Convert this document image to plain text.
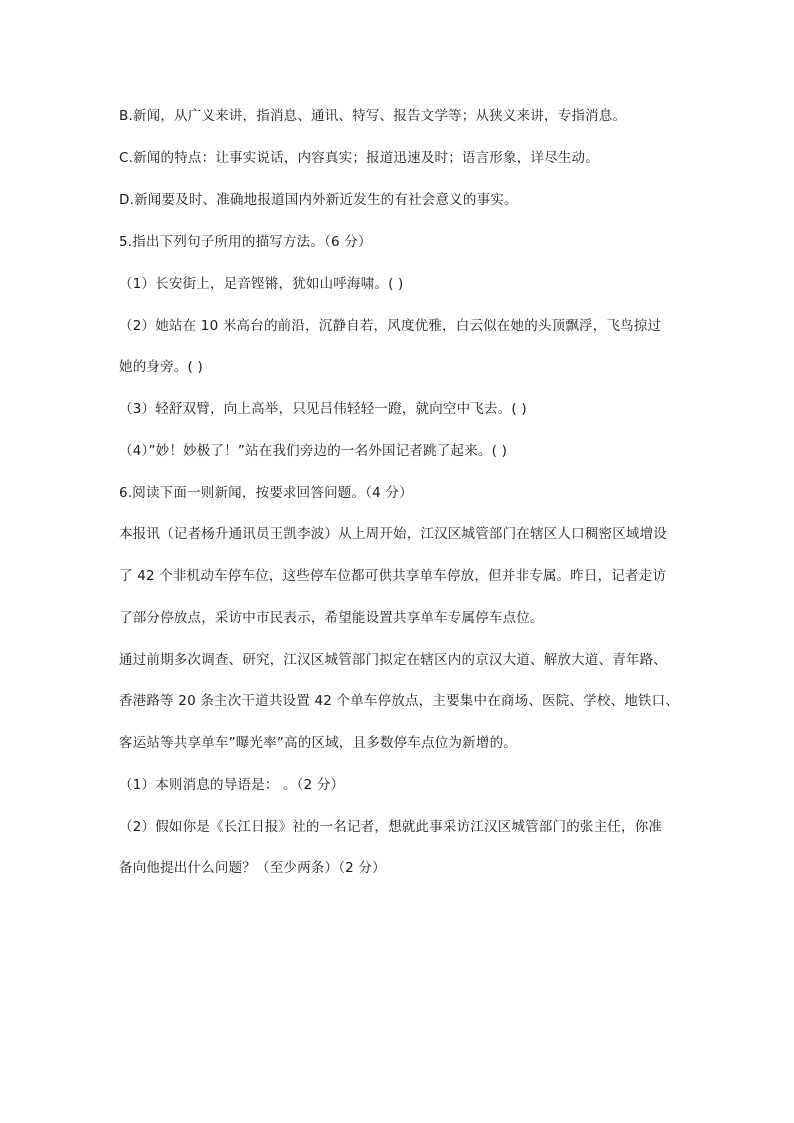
B.新闻，从广义来讲，指消息、通讯、特写、报告文学等；从狭义来讲，专指消息。
C.新闻的特点：让事实说话，内容真实；报道迅速及时；语言形象，详尽生动。
D.新闻要及时、准确地报道国内外新近发生的有社会意义的事实。
5.指出下列句子所用的描写方法。（6 分）
（1）长安街上，足音铿锵，犹如山呼海啸。( )
（2）她站在 10 米高台的前沿，沉静自若，风度优雅，白云似在她的头顶飘浮，飞鸟掠过
她的身旁。( )
（3）轻舒双臂，向上高举，只见吕伟轻轻一蹬，就向空中飞去。( )
（4）”妙！妙极了！”站在我们旁边的一名外国记者跳了起来。( )
6.阅读下面一则新闻，按要求回答问题。（4 分）
本报讯（记者杨升通讯员王凯李波）从上周开始，江汉区城管部门在辖区人口稠密区域增设
了 42 个非机动车停车位，这些停车位都可供共享单车停放，但并非专属。昨日，记者走访
了部分停放点，采访中市民表示，希望能设置共享单车专属停车点位。
通过前期多次调查、研究，江汉区城管部门拟定在辖区内的京汉大道、解放大道、青年路、
香港路等 20 条主次干道共设置 42 个单车停放点，主要集中在商场、医院、学校、地铁口、
客运站等共享单车”曝光率”高的区域，且多数停车点位为新增的。
（1）本则消息的导语是： 。（2 分）
（2）假如你是《长江日报》社的一名记者，想就此事采访江汉区城管部门的张主任，你准
备向他提出什么问题？（至少两条）（2 分）
